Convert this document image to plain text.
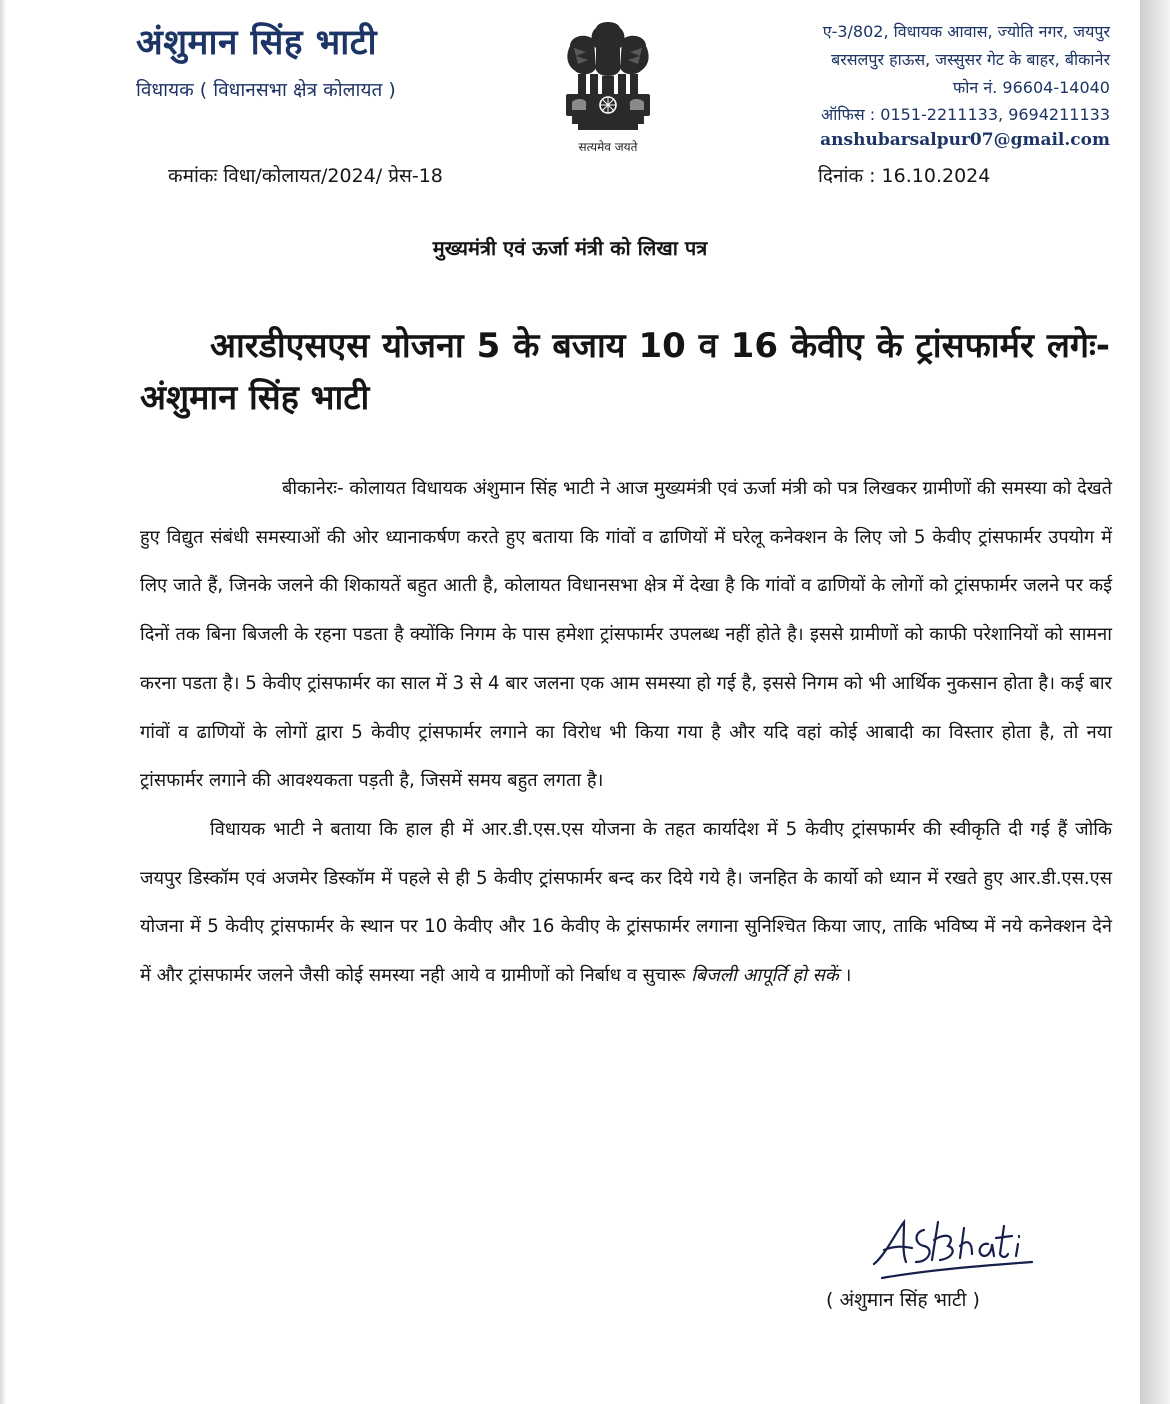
अंशुमान सिंह भाटी
विधायक ( विधानसभा क्षेत्र कोलायत )
सत्यमेव जयते
ए-3/802, विधायक आवास, ज्योति नगर, जयपुर
बरसलपुर हाऊस, जस्सुसर गेट के बाहर, बीकानेर
फोन नं. 96604-14040
ऑफिस : 0151-2211133, 9694211133
anshubarsalpur07@gmail.com
कमांकः विधा/कोलायत/2024/ प्रेस-18	दिनांक : 16.10.2024
मुख्यमंत्री एवं ऊर्जा मंत्री को लिखा पत्र

आरडीएसएस योजना 5 के बजाय 10 व 16 केवीए के ट्रांसफार्मर लगेः- अंशुमान सिंह भाटी

बीकानेरः- कोलायत विधायक अंशुमान सिंह भाटी ने आज मुख्यमंत्री एवं ऊर्जा मंत्री को पत्र लिखकर ग्रामीणों की समस्या को देखते हुए विद्युत संबंधी समस्याओं की ओर ध्यानाकर्षण करते हुए बताया कि गांवों व ढाणियों में घरेलू कनेक्शन के लिए जो 5 केवीए ट्रांसफार्मर उपयोग में लिए जाते हैं, जिनके जलने की शिकायतें बहुत आती है, कोलायत विधानसभा क्षेत्र में देखा है कि गांवों व ढाणियों के लोगों को ट्रांसफार्मर जलने पर कई दिनों तक बिना बिजली के रहना पडता है क्योंकि निगम के पास हमेशा ट्रांसफार्मर उपलब्ध नहीं होते है। इससे ग्रामीणों को काफी परेशानियों को सामना करना पडता है। 5 केवीए ट्रांसफार्मर का साल में 3 से 4 बार जलना एक आम समस्या हो गई है, इससे निगम को भी आर्थिक नुकसान होता है। कई बार गांवों व ढाणियों के लोगों द्वारा 5 केवीए ट्रांसफार्मर लगाने का विरोध भी किया गया है और यदि वहां कोई आबादी का विस्तार होता है, तो नया ट्रांसफार्मर लगाने की आवश्यकता पड़ती है, जिसमें समय बहुत लगता है।

विधायक भाटी ने बताया कि हाल ही में आर.डी.एस.एस योजना के तहत कार्यादेश में 5 केवीए ट्रांसफार्मर की स्वीकृति दी गई हैं जोकि जयपुर डिस्कॉम एवं अजमेर डिस्कॉम में पहले से ही 5 केवीए ट्रांसफार्मर बन्द कर दिये गये है। जनहित के कार्यो को ध्यान में रखते हुए आर.डी.एस.एस योजना में 5 केवीए ट्रांसफार्मर के स्थान पर 10 केवीए और 16 केवीए के ट्रांसफार्मर लगाना सुनिश्चित किया जाए, ताकि भविष्य में नये कनेक्शन देने में और ट्रांसफार्मर जलने जैसी कोई समस्या नही आये व ग्रामीणों को निर्बाध व सुचारू बिजली आपूर्ति हो सकें ।

( अंशुमान सिंह भाटी )
